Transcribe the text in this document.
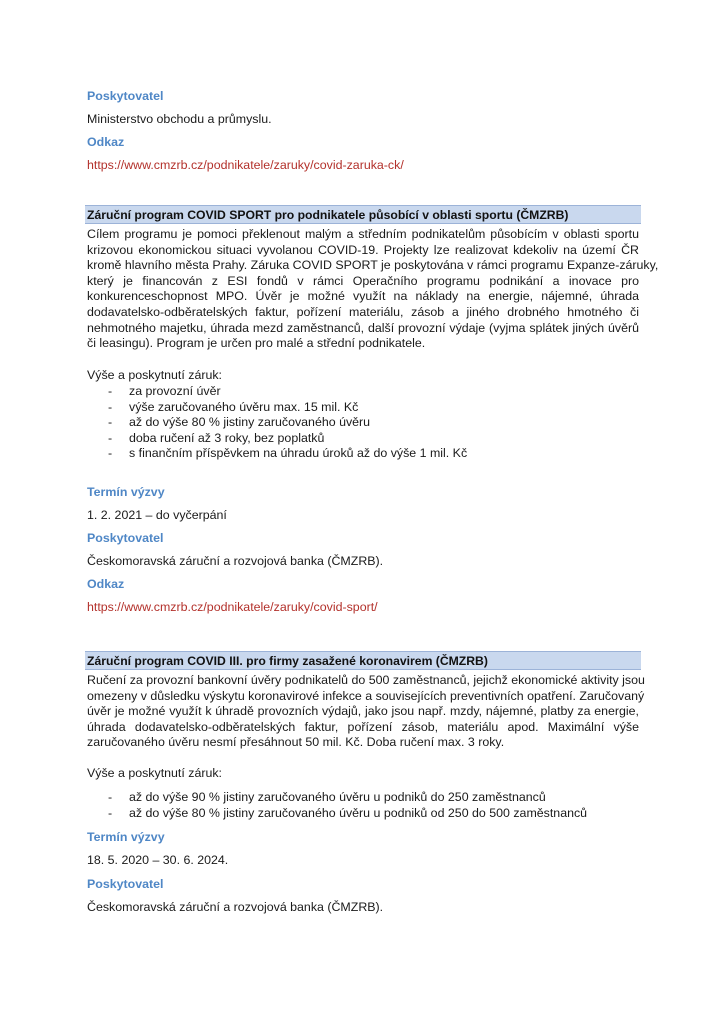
Poskytovatel
Ministerstvo obchodu a průmyslu.
Odkaz
https://www.cmzrb.cz/podnikatele/zaruky/covid-zaruka-ck/
Záruční program COVID SPORT pro podnikatele působící v oblasti sportu (ČMZRB)
Cílem programu je pomoci překlenout malým a středním podnikatelům působícím v oblasti sportu
krizovou ekonomickou situaci vyvolanou COVID-19. Projekty lze realizovat kdekoliv na území ČR
kromě hlavního města Prahy. Záruka COVID SPORT je poskytována v rámci programu Expanze-záruky,
který je financován z ESI fondů v rámci Operačního programu podnikání a inovace pro
konkurenceschopnost MPO. Úvěr je možné využít na náklady na energie, nájemné, úhrada
dodavatelsko-odběratelských faktur, pořízení materiálu, zásob a jiného drobného hmotného či
nehmotného majetku, úhrada mezd zaměstnanců, další provozní výdaje (vyjma splátek jiných úvěrů
či leasingu). Program je určen pro malé a střední podnikatele.
Výše a poskytnutí záruk:
- za provozní úvěr
- výše zaručovaného úvěru max. 15 mil. Kč
- až do výše 80 % jistiny zaručovaného úvěru
- doba ručení až 3 roky, bez poplatků
- s finančním příspěvkem na úhradu úroků až do výše 1 mil. Kč
Termín výzvy
1. 2. 2021 – do vyčerpání
Poskytovatel
Českomoravská záruční a rozvojová banka (ČMZRB).
Odkaz
https://www.cmzrb.cz/podnikatele/zaruky/covid-sport/
Záruční program COVID III. pro firmy zasažené koronavirem (ČMZRB)
Ručení za provozní bankovní úvěry podnikatelů do 500 zaměstnanců, jejichž ekonomické aktivity jsou
omezeny v důsledku výskytu koronavirové infekce a souvisejících preventivních opatření. Zaručovaný
úvěr je možné využít k úhradě provozních výdajů, jako jsou např. mzdy, nájemné, platby za energie,
úhrada dodavatelsko-odběratelských faktur, pořízení zásob, materiálu apod. Maximální výše
zaručovaného úvěru nesmí přesáhnout 50 mil. Kč. Doba ručení max. 3 roky.
Výše a poskytnutí záruk:
- až do výše 90 % jistiny zaručovaného úvěru u podniků do 250 zaměstnanců
- až do výše 80 % jistiny zaručovaného úvěru u podniků od 250 do 500 zaměstnanců
Termín výzvy
18. 5. 2020 – 30. 6. 2024.
Poskytovatel
Českomoravská záruční a rozvojová banka (ČMZRB).
